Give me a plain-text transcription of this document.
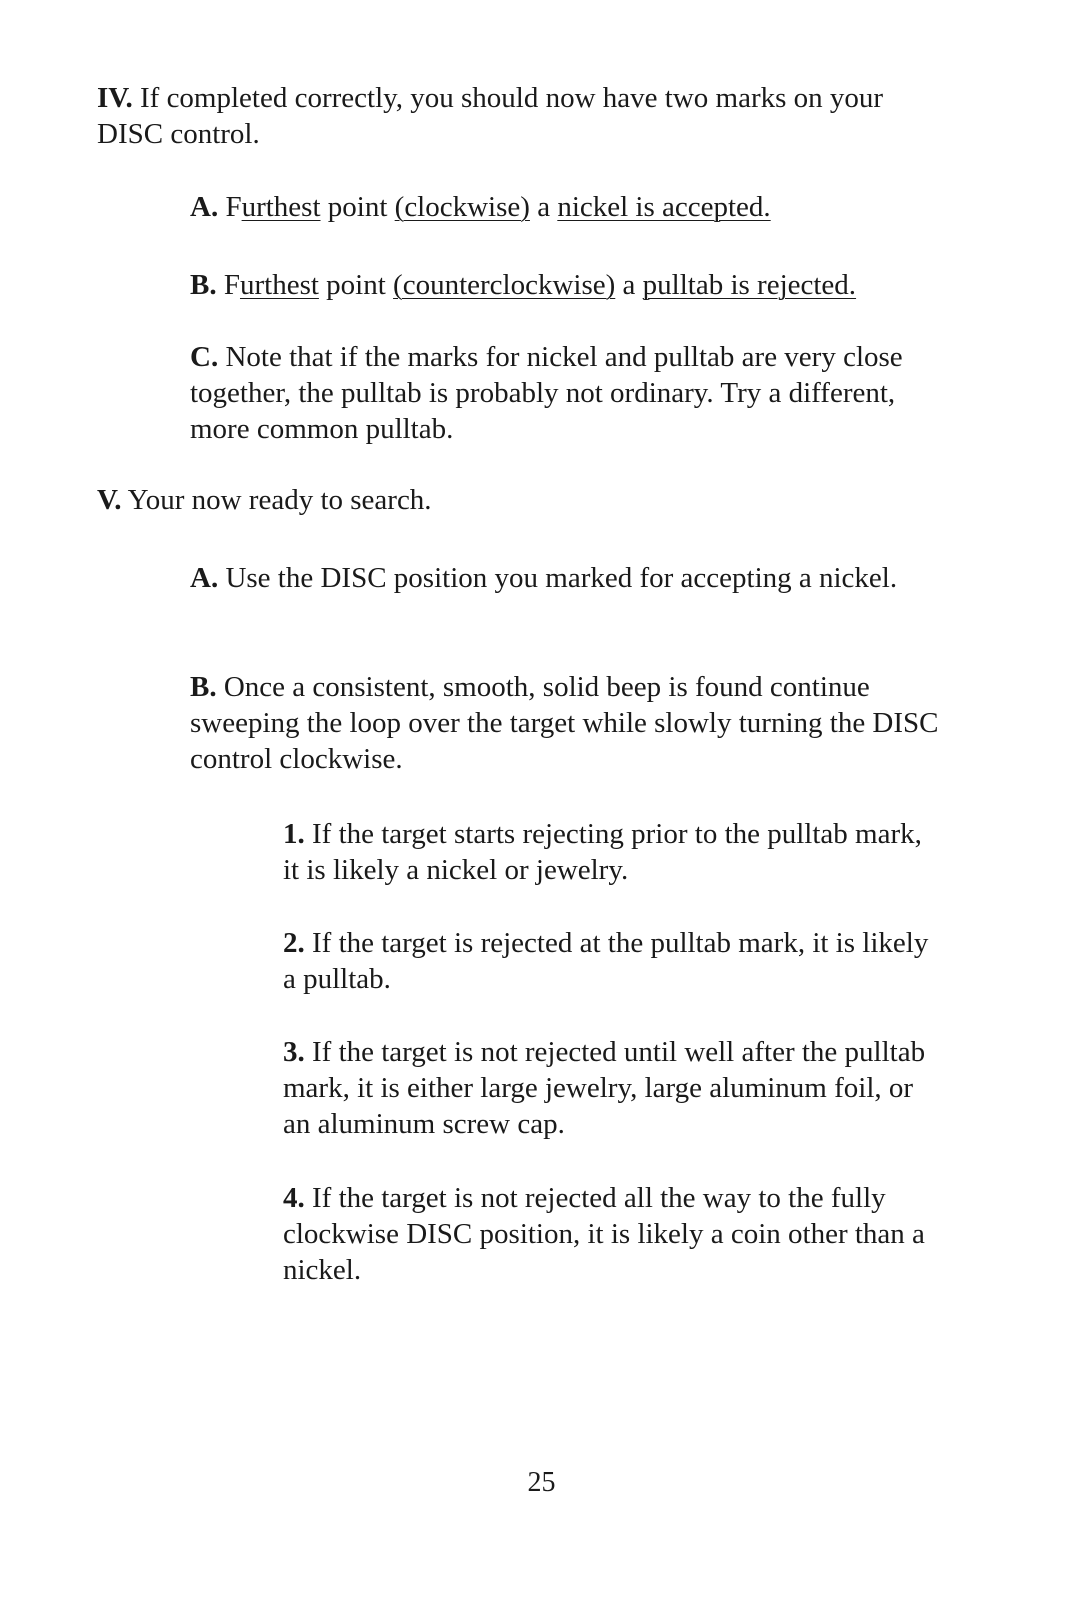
IV. If completed correctly, you should now have two marks on your DISC control.

A. Furthest point (clockwise) a nickel is accepted.

B. Furthest point (counterclockwise) a pulltab is rejected.

C. Note that if the marks for nickel and pulltab are very close together, the pulltab is probably not ordinary. Try a different, more common pulltab.

V. Your now ready to search.

A. Use the DISC position you marked for accepting a nickel.

B. Once a consistent, smooth, solid beep is found continue sweeping the loop over the target while slowly turning the DISC control clockwise.

1. If the target starts rejecting prior to the pulltab mark, it is likely a nickel or jewelry.

2. If the target is rejected at the pulltab mark, it is likely a pulltab.

3. If the target is not rejected until well after the pulltab mark, it is either large jewelry, large aluminum foil, or an aluminum screw cap.

4. If the target is not rejected all the way to the fully clockwise DISC position, it is likely a coin other than a nickel.

25
